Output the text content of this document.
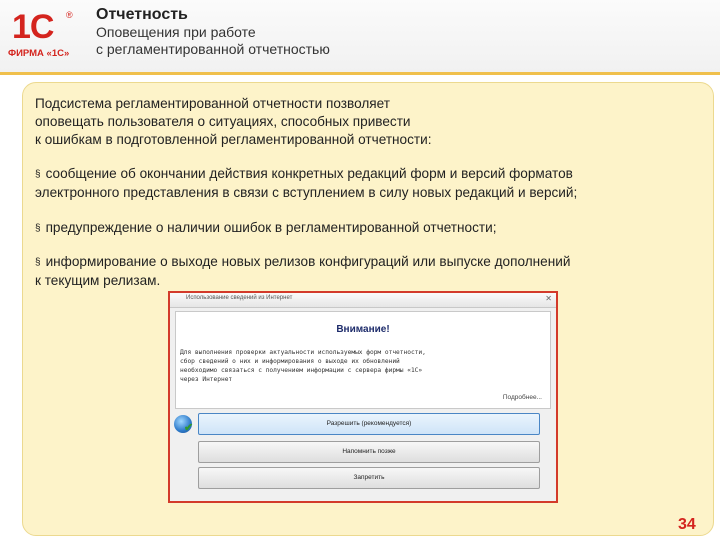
1С ®
ФИРМА «1С»
Отчетность
Оповещения при работе
с регламентированной отчетностью
Подсистема регламентированной отчетности позволяет
оповещать пользователя о ситуациях, способных привести
к ошибкам в подготовленной регламентированной отчетности:
§ сообщение об окончании действия конкретных редакций форм и версий форматов
электронного представления в связи с вступлением в силу новых редакций и версий;
§ предупреждение о наличии ошибок в регламентированной отчетности;
§ информирование о выходе новых релизов конфигураций или выпуске дополнений
к текущим релизам.
Использование сведений из Интернет	✕
Внимание!
Для выполнения проверки актуальности используемых форм отчетности,
сбор сведений о них и информирования о выходе их обновлений
необходимо связаться с получением информации с сервера фирмы «1С»
через Интернет
Подробнее...
✔	Разрешить (рекомендуется)
Напомнить позже
Запретить
34
